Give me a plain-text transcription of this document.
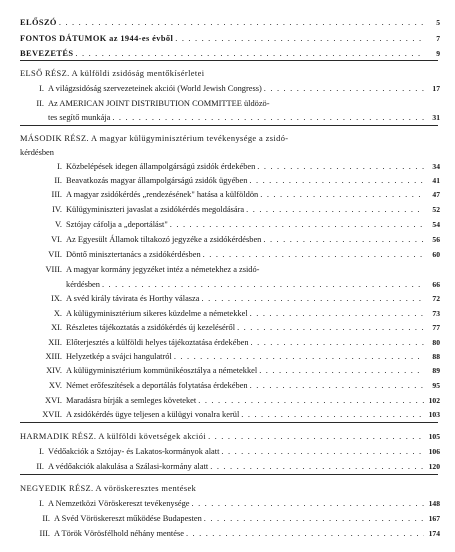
ELŐSZÓ . . .	5
FONTOS DÁTUMOK az 1944-es évből . . .	7
BEVEZETÉS . . .	9
ELSŐ RÉSZ. A külföldi zsidóság mentőkísérletei
I. A világzsidóság szervezeteinek akciói (World Jewish Congress) . . .	17
II. Az AMERICAN JOINT DISTRIBUTION COMMITTEE üldözö-
tes segítő munkája . . .	31
MÁSODIK RÉSZ. A magyar külügyminisztérium tevékenysége a zsidó-
kérdésben
I. Közbelépések idegen állampolgárságú zsidók érdekében . . .	34
II. Beavatkozás magyar állampolgárságú zsidók ügyében . . .	41
III. A magyar zsidókérdés „rendezésének" hatása a külföldön . . .	47
IV. Külügyminiszteri javaslat a zsidókérdés megoldására . . .	52
V. Sztójay cáfolja a „deportálást" . . .	54
VI. Az Egyesült Államok tiltakozó jegyzéke a zsidókérdésben . . .	56
VII. Döntő minisztertanács a zsidókérdésben . . .	60
VIII. A magyar kormány jegyzéket intéz a németekhez a zsidó-
kérdésben . . .	66
IX. A svéd király távirata és Horthy válasza . . .	72
X. A külügyminisztérium sikeres küzdelme a németekkel . . .	73
XI. Részletes tájékoztatás a zsidókérdés új kezeléséről . . .	77
XII. Előterjesztés a külföldi helyes tájékoztatása érdekében . . .	80
XIII. Helyzetkép a svájci hangulatról . . .	88
XIV. A külügyminisztérium kommünikéosztálya a németekkel . . .	89
XV. Német erőfeszítések a deportálás folytatása érdekében . . .	95
XVI. Maradásra bírják a semleges követeket . . .	102
XVII. A zsidókérdés ügye teljesen a külügyi vonalra kerül . . .	103
HARMADIK RÉSZ. A külföldi követségek akciói . . .	105
I. Védőakciók a Sztójay- és Lakatos-kormányok alatt . . .	106
II. A védőakciók alakulása a Szálasi-kormány alatt . . .	120
NEGYEDIK RÉSZ. A vöröskeresztes mentések
I. A Nemzetközi Vöröskereszt tevékenysége . . .	148
II. A Svéd Vöröskereszt működése Budapesten . . .	167
III. A Török Vörösfélhold néhány mentése . . .	174
